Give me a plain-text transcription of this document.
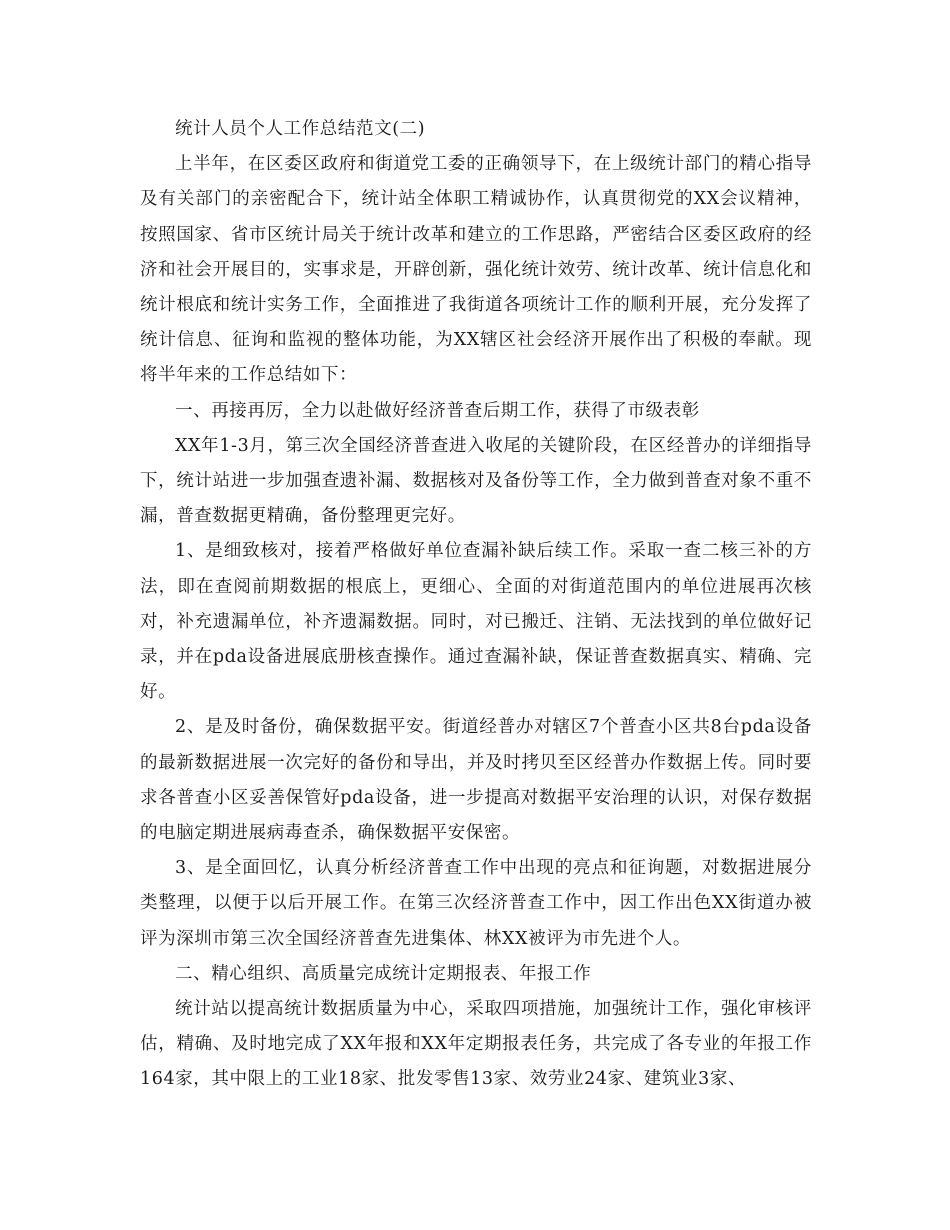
统计人员个人工作总结范文(二)

上半年，在区委区政府和街道党工委的正确领导下，在上级统计部门的精心指导及有关部门的亲密配合下，统计站全体职工精诚协作，认真贯彻党的XX会议精神，按照国家、省市区统计局关于统计改革和建立的工作思路，严密结合区委区政府的经济和社会开展目的，实事求是，开辟创新，强化统计效劳、统计改革、统计信息化和统计根底和统计实务工作，全面推进了我街道各项统计工作的顺利开展，充分发挥了统计信息、征询和监视的整体功能，为XX辖区社会经济开展作出了积极的奉献。现将半年来的工作总结如下：

一、再接再厉，全力以赴做好经济普查后期工作，获得了市级表彰

XX年1-3月，第三次全国经济普查进入收尾的关键阶段，在区经普办的详细指导下，统计站进一步加强查遗补漏、数据核对及备份等工作，全力做到普查对象不重不漏，普查数据更精确，备份整理更完好。

1、是细致核对，接着严格做好单位查漏补缺后续工作。采取一查二核三补的方法，即在查阅前期数据的根底上，更细心、全面的对街道范围内的单位进展再次核对，补充遗漏单位，补齐遗漏数据。同时，对已搬迁、注销、无法找到的单位做好记录，并在pda设备进展底册核查操作。通过查漏补缺，保证普查数据真实、精确、完好。

2、是及时备份，确保数据平安。街道经普办对辖区7个普查小区共8台pda设备的最新数据进展一次完好的备份和导出，并及时拷贝至区经普办作数据上传。同时要求各普查小区妥善保管好pda设备，进一步提高对数据平安治理的认识，对保存数据的电脑定期进展病毒查杀，确保数据平安保密。

3、是全面回忆，认真分析经济普查工作中出现的亮点和征询题，对数据进展分类整理，以便于以后开展工作。在第三次经济普查工作中，因工作出色XX街道办被评为深圳市第三次全国经济普查先进集体、林XX被评为市先进个人。

二、精心组织、高质量完成统计定期报表、年报工作

统计站以提高统计数据质量为中心，采取四项措施，加强统计工作，强化审核评估，精确、及时地完成了XX年报和XX年定期报表任务，共完成了各专业的年报工作164家，其中限上的工业18家、批发零售13家、效劳业24家、建筑业3家、
